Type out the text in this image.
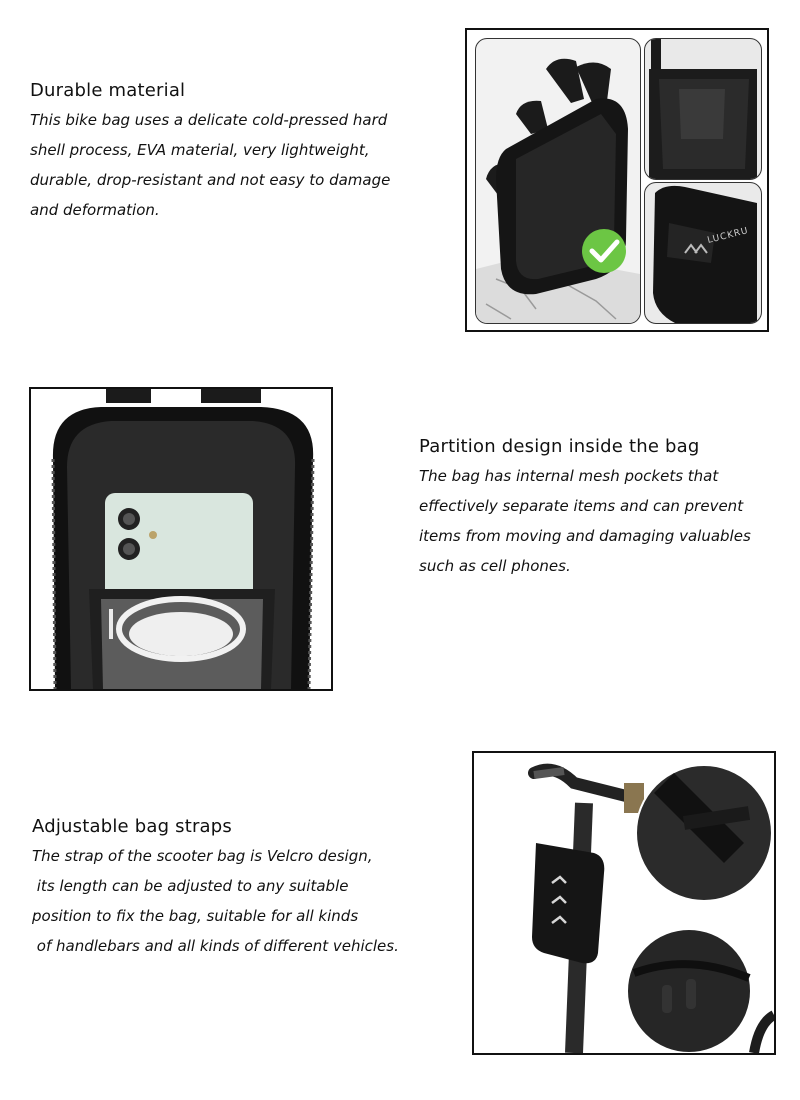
Durable material
This bike bag uses a delicate cold-pressed hard
shell process, EVA material, very lightweight,
durable, drop-resistant and not easy to damage
and deformation.
LUCKRU
Partition design inside the bag
The bag has internal mesh pockets that
effectively separate items and can prevent
items from moving and damaging valuables
such as cell phones.
Adjustable bag straps
The strap of the scooter bag is Velcro design,
its length can be adjusted to any suitable
position to fix the bag, suitable for all kinds
of handlebars and all kinds of different vehicles.
